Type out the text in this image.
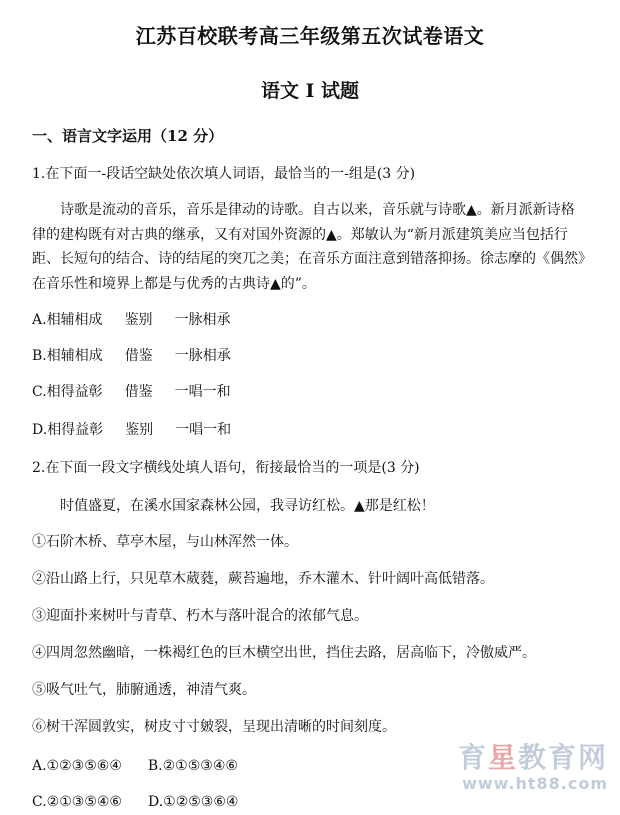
江苏百校联考高三年级第五次试卷语文
语文 I 试题
一、语言文字运用（12 分）
1.在下面一-段话空缺处依次填人词语，最恰当的一-组是(3 分)
诗歌是流动的音乐，音乐是律动的诗歌。自古以来，音乐就与诗歌▲。新月派新诗格律的建构既有对古典的继承，又有对国外资源的▲。郑敏认为“新月派建筑美应当包括行距、长短句的结合、诗的结尾的突兀之美；在音乐方面注意到错落抑扬。徐志摩的《偶然》在音乐性和境界上都是与优秀的古典诗▲的”。
A.相辅相成 鉴别 一脉相承
B.相辅相成 借鉴 一脉相承
C.相得益彰 借鉴 一唱一和
D.相得益彰 鉴别 一唱一和
2.在下面一段文字横线处填人语句，衔接最恰当的一项是(3 分)
时值盛夏，在溪水国家森林公园，我寻访红松。▲那是红松！
①石阶木桥、草亭木屋，与山林浑然一体。
②沿山路上行，只见草木葳蕤，蕨苔遍地，乔木灌木、针叶阔叶高低错落。
③迎面扑来树叶与青草、朽木与落叶混合的浓郁气息。
④四周忽然幽暗，一株褐红色的巨木横空出世，挡住去路，居高临下，冷傲威严。
⑤吸气吐气，肺腑通透，神清气爽。
⑥树干浑圆敦实，树皮寸寸皴裂，呈现出清晰的时间刻度。
A.①②③⑤⑥④ B.②①⑤③④⑥
C.②①③⑤④⑥ D.①②⑤③⑥④
育星教育网
www.ht88.com
